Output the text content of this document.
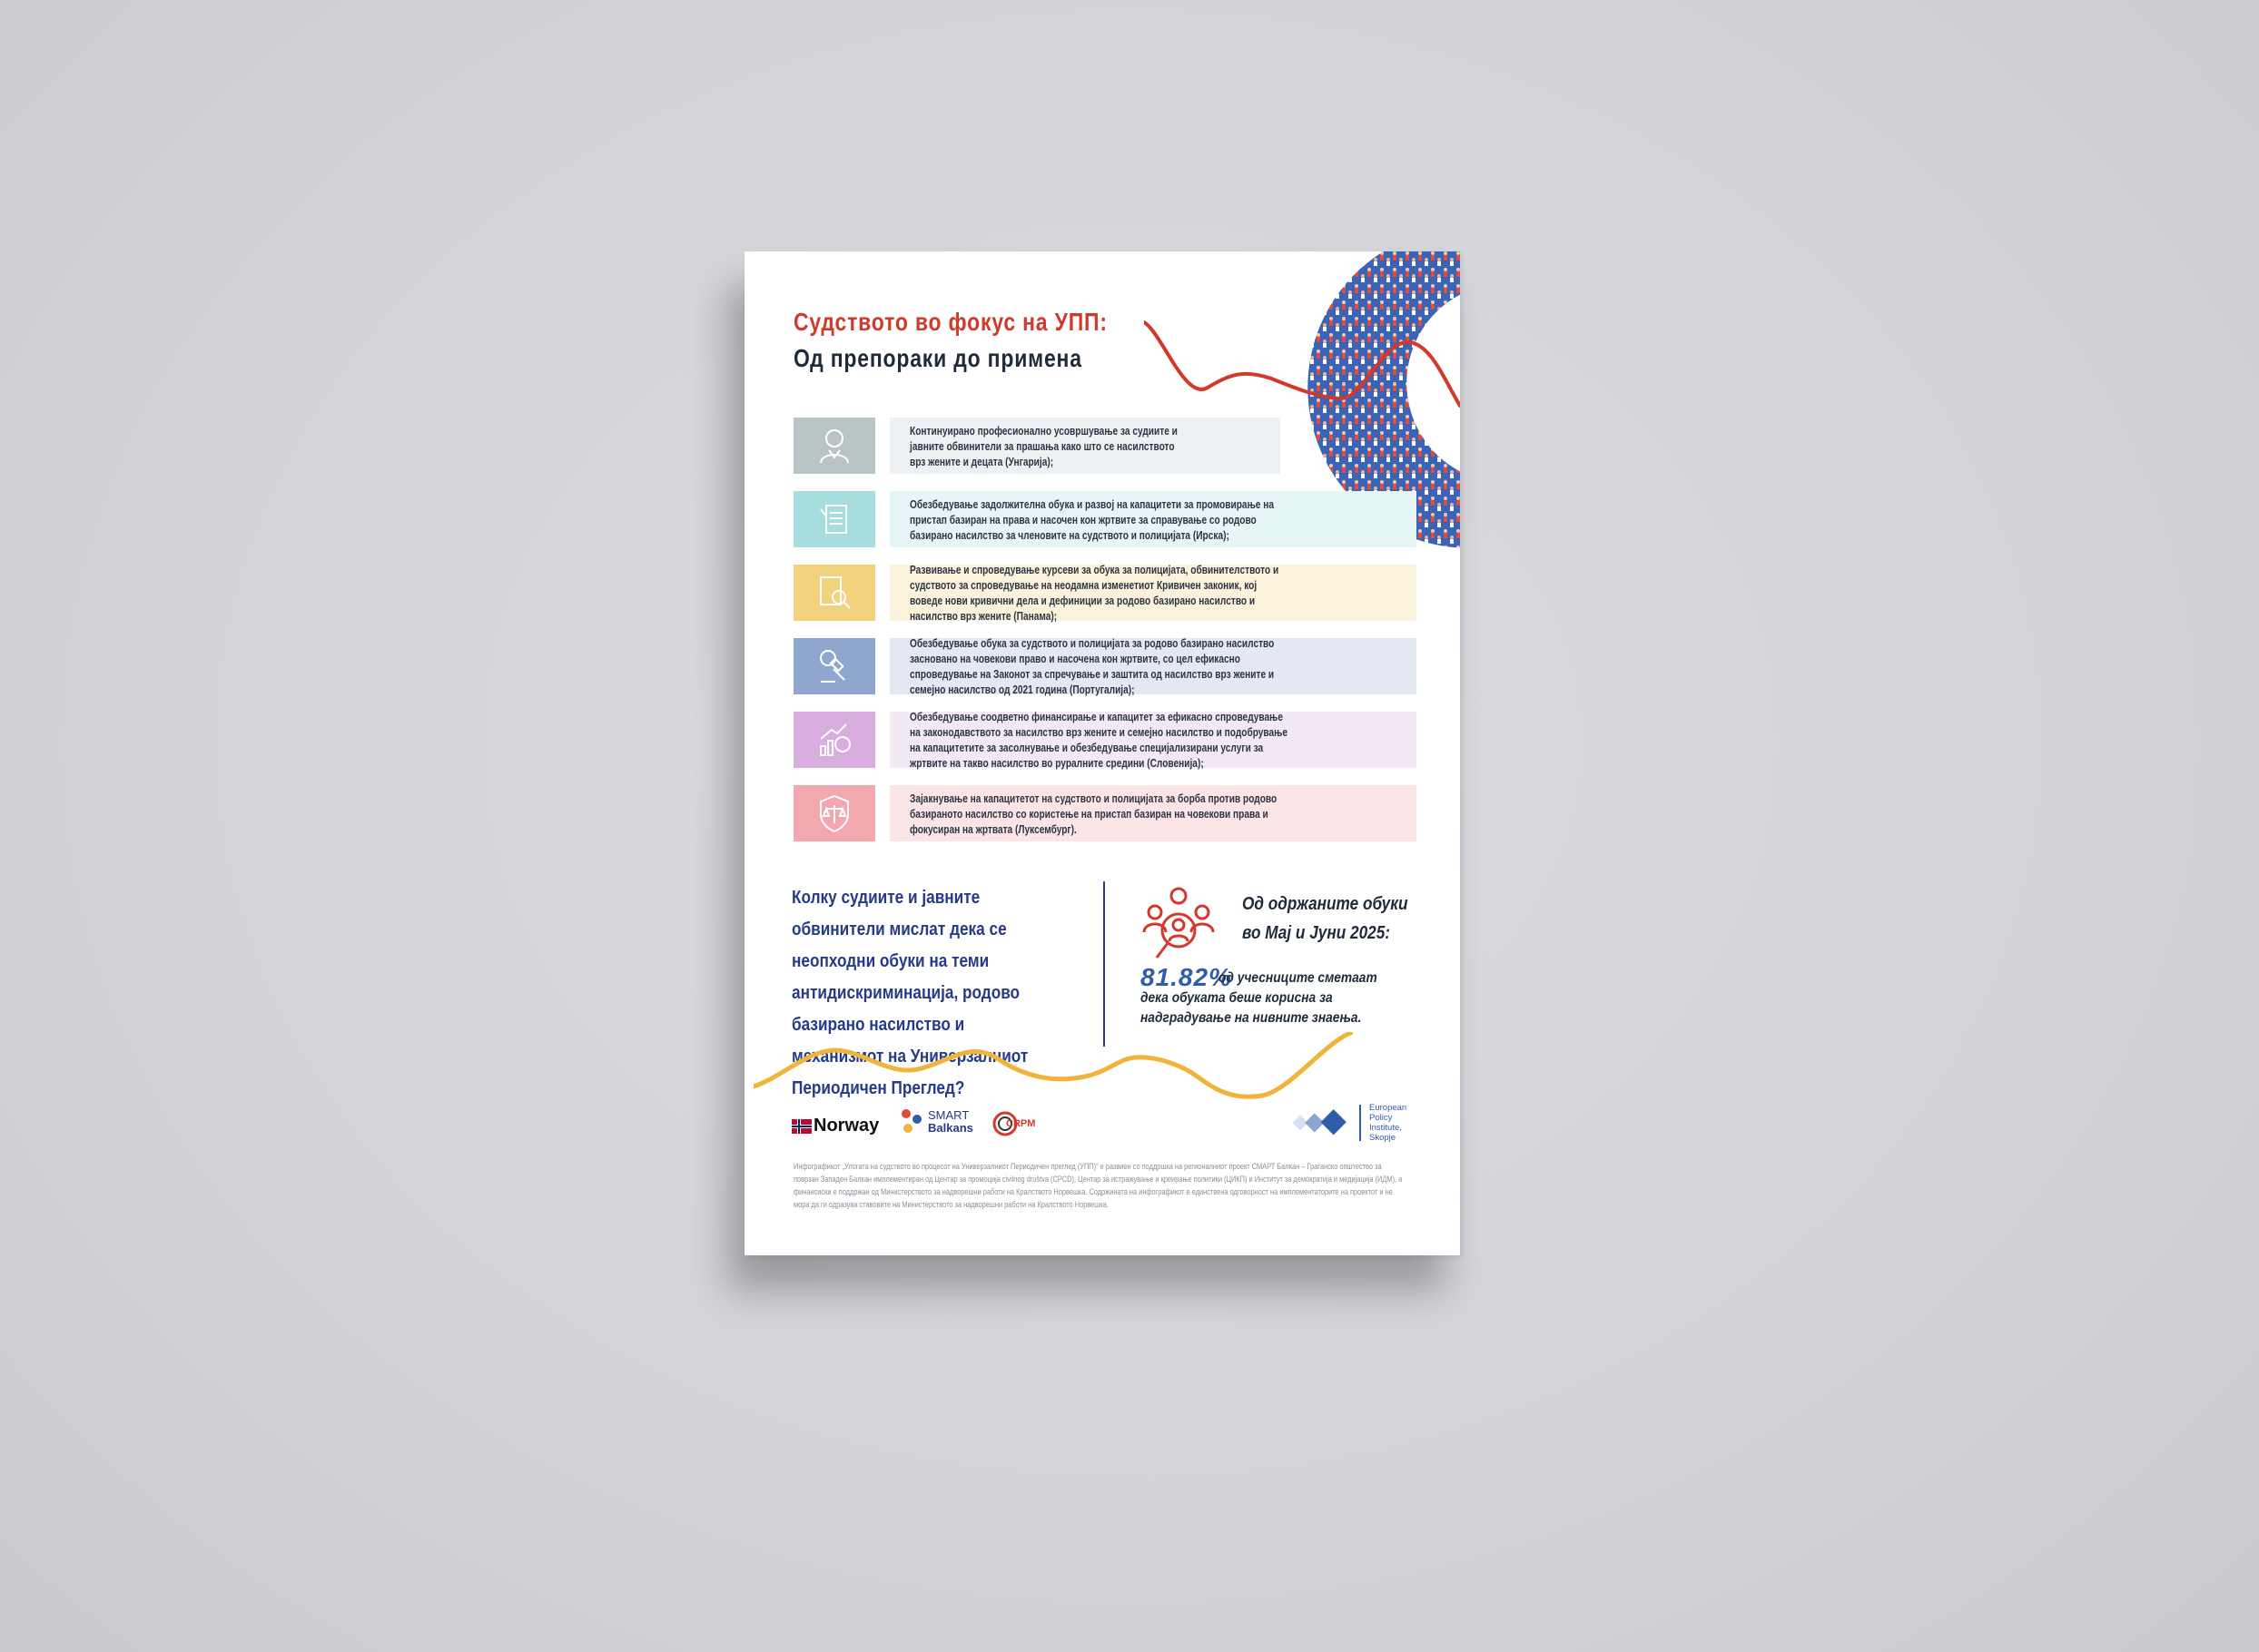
Судството во фокус на УПП:
Од препораки до примена
Континуирано професионално усовршување за судиите и јавните обвинители за прашања како што се насилството врз жените и децата (Унгарија);
Обезбедување задолжителна обука и развој на капацитети за промовирање на пристап базиран на права и насочен кон жртвите за справување со родово базирано насилство за членовите на судството и полицијата (Ирска);
Развивање и спроведување курсеви за обука за полицијата, обвинителството и судството за спроведување на неодамна изменетиот Кривичен законик, кој воведе нови кривични дела и дефиниции за родово базирано насилство и насилство врз жените (Панама);
Обезбедување обука за судството и полицијата за родово базирано насилство засновано на човекови право и насочена кон жртвите, со цел ефикасно спроведување на Законот за спречување и заштита од насилство врз жените и семејно насилство од 2021 година (Португалија);
Обезбедување соодветно финансирање и капацитет за ефикасно спроведување на законодавството за насилство врз жените и семејно насилство и подобрување на капацитетите за засолнување и обезбедување специјализирани услуги за жртвите на такво насилство во руралните средини (Словенија);
Зајакнување на капацитетот на судството и полицијата за борба против родово базираното насилство со користење на пристап базиран на човекови права и фокусиран на жртвата (Луксембург).
Колку судиите и јавните обвинители мислат дека се неопходни обуки на теми антидискриминација, родово базирано насилство и механизмот на Универзалниот Периодичен Преглед?
Од одржаните обуки во Мај и Јуни 2025:
81.82%
од учесниците сметаат дека обуката беше корисна за надградување на нивните знаења.
Norway
SMART
Balkans	CRPM
European
Policy
Institute,
Skopje
Инфографикот „Улогата на судството во процесот на Универзалниот Периодичен преглед (УПП)“ е развиен со поддршка на регионалниот проект СМАРТ Балкан – Граѓанско општество за поврзан Западен Балкан имплементиран од Центар за промоција civilnog društva (CPCD), Центар за истражување и креирање политики (ЦИКП) и Институт за демократија и медијација (ИДМ), а финансиски е поддржан од Министерството за надворешни работи на Кралството Норвешка. Содржината на инфографикот е единствена одговорност на имплементаторите на проектот и не мора да ги одразува ставовите на Министерството за надворешни работи на Кралството Норвешка.
